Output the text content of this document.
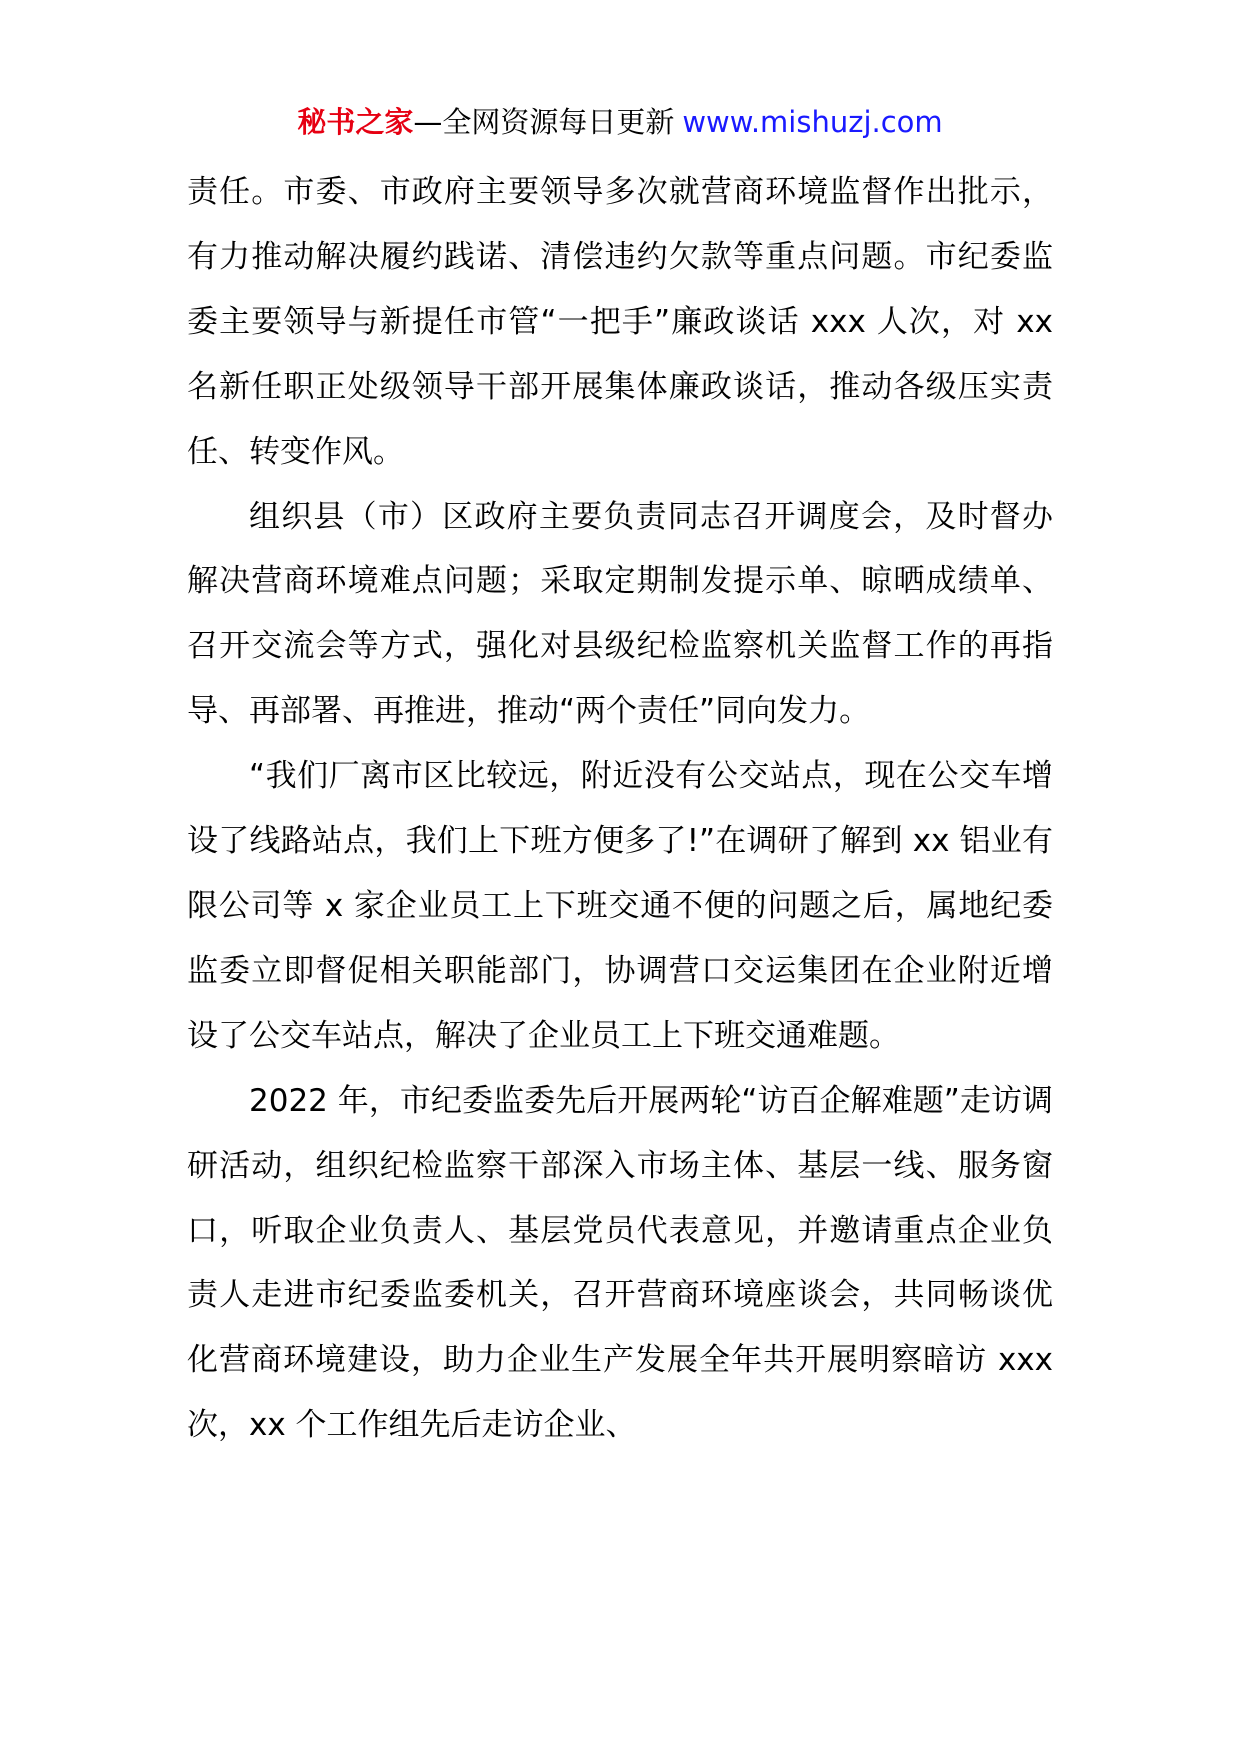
秘书之家—全网资源每日更新 www.mishuzj.com

责任。市委、市政府主要领导多次就营商环境监督作出批示，有力推动解决履约践诺、清偿违约欠款等重点问题。市纪委监委主要领导与新提任市管“一把手”廉政谈话 xxx 人次，对 xx 名新任职正处级领导干部开展集体廉政谈话，推动各级压实责任、转变作风。

组织县（市）区政府主要负责同志召开调度会，及时督办解决营商环境难点问题；采取定期制发提示单、晾晒成绩单、召开交流会等方式，强化对县级纪检监察机关监督工作的再指导、再部署、再推进，推动“两个责任”同向发力。

“我们厂离市区比较远，附近没有公交站点，现在公交车增设了线路站点，我们上下班方便多了!”在调研了解到 xx 铝业有限公司等 x 家企业员工上下班交通不便的问题之后，属地纪委监委立即督促相关职能部门，协调营口交运集团在企业附近增设了公交车站点，解决了企业员工上下班交通难题。

2022 年，市纪委监委先后开展两轮“访百企解难题”走访调研活动，组织纪检监察干部深入市场主体、基层一线、服务窗口，听取企业负责人、基层党员代表意见，并邀请重点企业负责人走进市纪委监委机关，召开营商环境座谈会，共同畅谈优化营商环境建设，助力企业生产发展全年共开展明察暗访 xxx 次，xx 个工作组先后走访企业、
